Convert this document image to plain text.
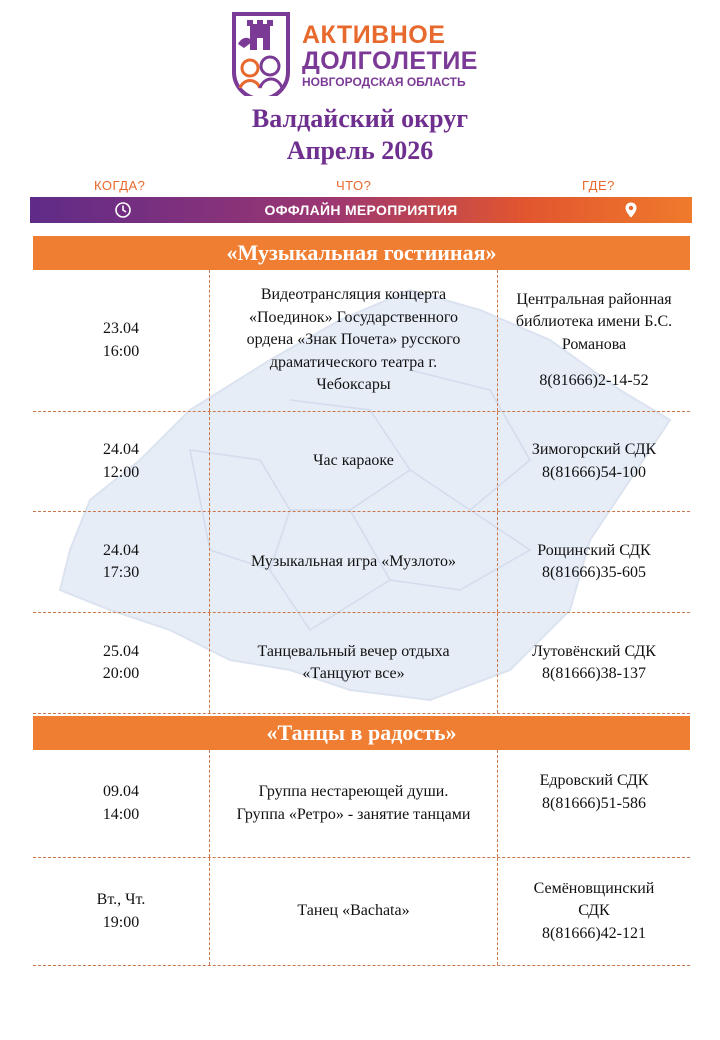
АКТИВНОЕ
ДОЛГОЛЕТИЕ
НОВГОРОДСКАЯ ОБЛАСТЬ
Валдайский округ
Апрель 2026
КОГДА?	ЧТО?	ГДЕ?
ОФФЛАЙН МЕРОПРИЯТИЯ
«Музыкальная гостииная»
23.04
16:00
Видеотрансляция концерта
«Поединок» Государственного
ордена «Знак Почета» русского
драматического театра г.
Чебоксары
Центральная районная
библиотека имени Б.С.
Романова
8(81666)2-14-52
24.04
12:00
Час караоке
Зимогорский СДК
8(81666)54-100
24.04
17:30
Музыкальная игра «Музлото»
Рощинский СДК
8(81666)35-605
25.04
20:00
Танцевальный вечер отдыха
«Танцуют все»
Лутовёнский СДК
8(81666)38-137
«Танцы в радость»
09.04
14:00
Группа нестареющей души.
Группа «Ретро» - занятие танцами
Едровский СДК
8(81666)51-586
Вт., Чт.
19:00
Танец «Bachata»
Семёновщинский
СДК
8(81666)42-121
